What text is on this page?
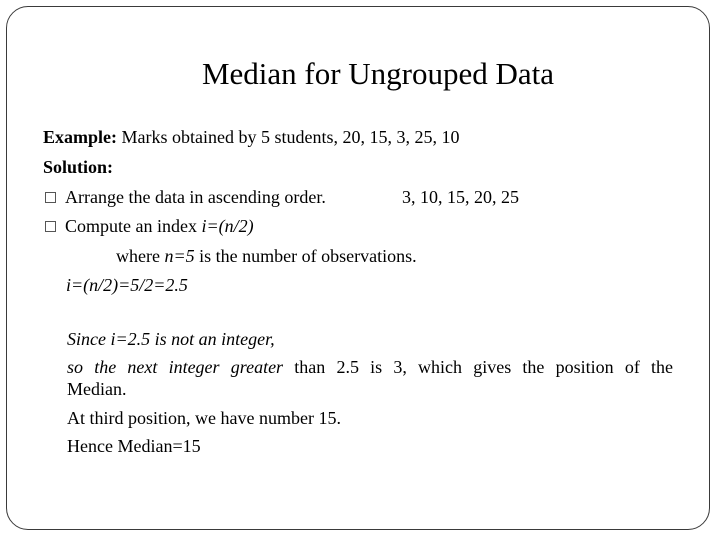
Median for Ungrouped Data
Example: Marks obtained by 5 students, 20, 15, 3, 25, 10
Solution:
Arrange the data in ascending order.	3, 10, 15, 20, 25
Compute an index i=(n/2)
where n=5 is the number of observations.
i=(n/2)=5/2=2.5
Since i=2.5 is not an integer,
so the next integer greater than 2.5 is 3, which gives the position of the
Median.
At third position, we have number 15.
Hence Median=15
